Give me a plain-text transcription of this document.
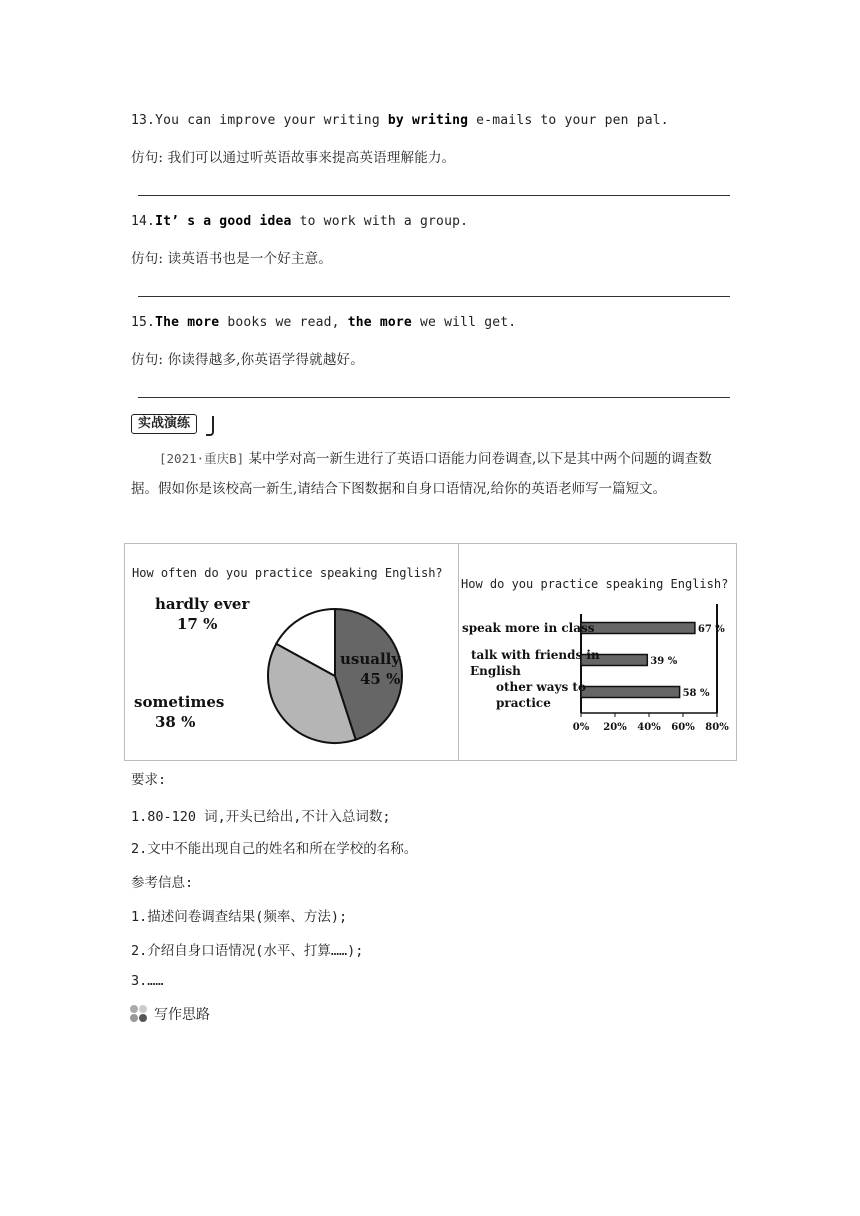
13.You can improve your writing by writing e-mails to your pen pal.
仿句: 我们可以通过听英语故事来提高英语理解能力。
14.It’ s a good idea to work with a group.
仿句: 读英语书也是一个好主意。
15.The more books we read, the more we will get.
仿句: 你读得越多,你英语学得就越好。
实战演练
[2021·重庆B] 某中学对高一新生进行了英语口语能力问卷调查,以下是其中两个问题的调查数据。假如你是该校高一新生,请结合下图数据和自身口语情况,给你的英语老师写一篇短文。
How often do you practice speaking English?
usually
45 %
sometimes
38 %
hardly ever
17 %
How do you practice speaking English?
0% 20% 40% 60% 80%
67 %
speak more in class
39 %
talk with friends in
English
58 %
other ways to
practice
要求:
1.80-120 词,开头已给出,不计入总词数;
2.文中不能出现自己的姓名和所在学校的名称。
参考信息:
1.描述问卷调查结果(频率、方法);
2.介绍自身口语情况(水平、打算……);
3.……
写作思路
